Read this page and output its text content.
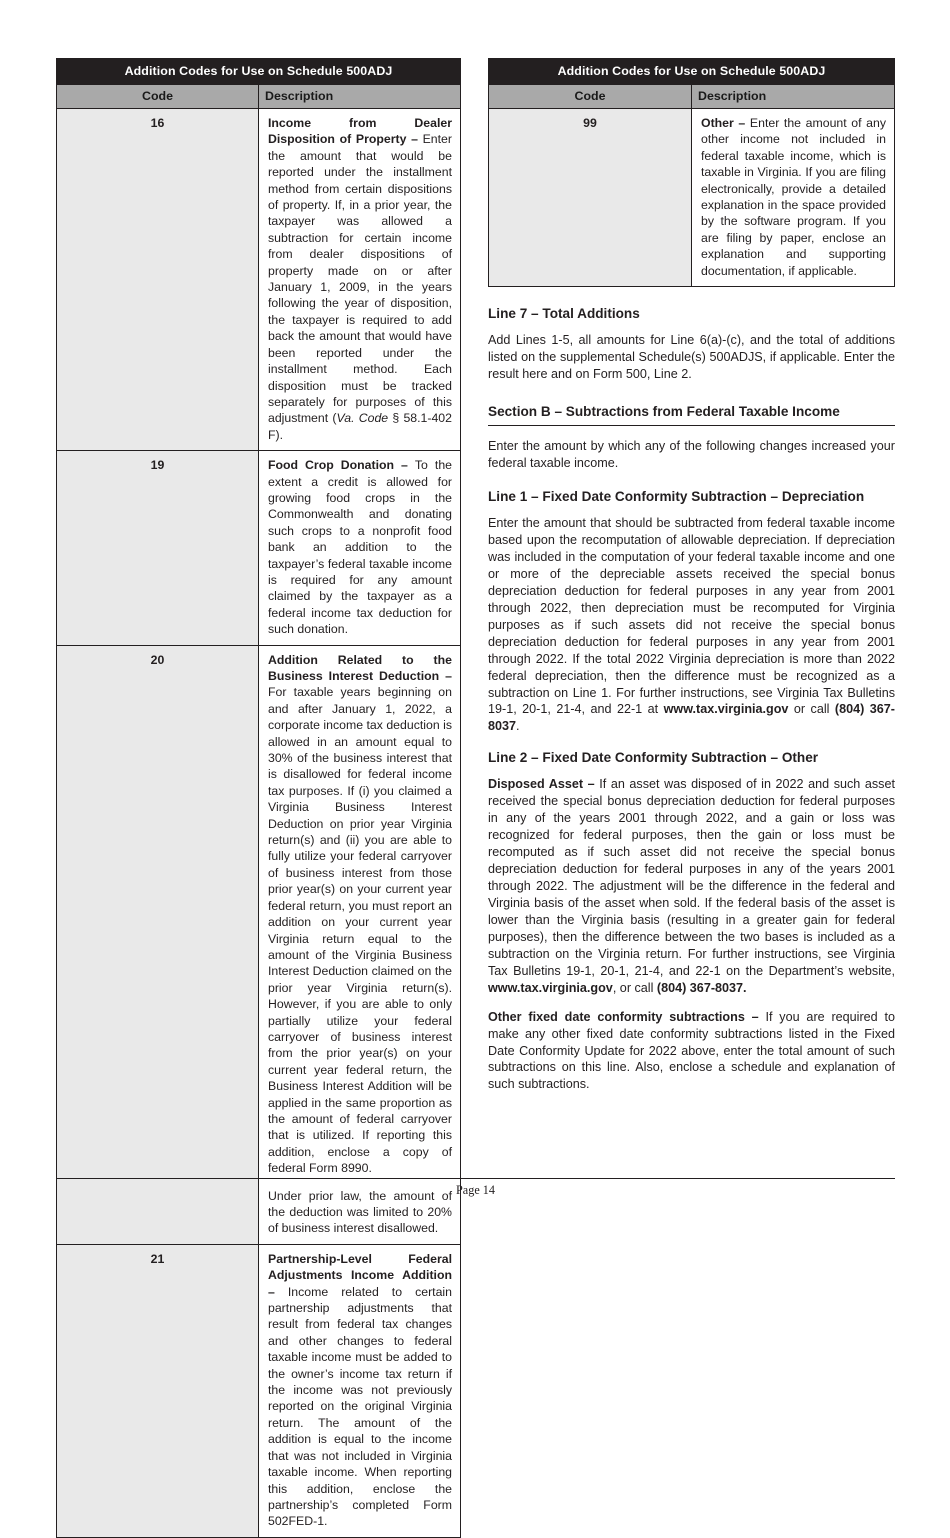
Addition Codes for Use on Schedule 500ADJ	
Code	Description
16	Income from Dealer Disposition of Property – Enter the amount that would be reported under the installment method from certain dispositions of property. If, in a prior year, the taxpayer was allowed a subtraction for certain income from dealer dispositions of property made on or after January 1, 2009, in the years following the year of disposition, the taxpayer is required to add back the amount that would have been reported under the installment method. Each disposition must be tracked separately for purposes of this adjustment (Va. Code § 58.1-402 F).

19	Food Crop Donation – To the extent a credit is allowed for growing food crops in the Commonwealth and donating such crops to a nonprofit food bank an addition to the taxpayer’s federal taxable income is required for any amount claimed by the taxpayer as a federal income tax deduction for such donation.

20	Addition Related to the Business Interest Deduction – For taxable years beginning on and after January 1, 2022, a corporate income tax deduction is allowed in an amount equal to 30% of the business interest that is disallowed for federal income tax purposes. If (i) you claimed a Virginia Business Interest Deduction on prior year Virginia return(s) and (ii) you are able to fully utilize your federal carryover of business interest from those prior year(s) on your current year federal return, you must report an addition on your current year Virginia return equal to the amount of the Virginia Business Interest Deduction claimed on the prior year Virginia return(s). However, if you are able to only partially utilize your federal carryover of business interest from the prior year(s) on your current year federal return, the Business Interest Addition will be applied in the same proportion as the amount of federal carryover that is utilized. If reporting this addition, enclose a copy of federal Form 8990.

Under prior law, the amount of the deduction was limited to 20% of business interest disallowed.

21	Partnership-Level Federal Adjustments Income Addition – Income related to certain partnership adjustments that result from federal tax changes and other changes to federal taxable income must be added to the owner’s income tax return if the income was not previously reported on the original Virginia return. The amount of the addition is equal to the income that was not included in Virginia taxable income. When reporting this addition, enclose the partnership’s completed Form 502FED-1.

Addition Codes for Use on Schedule 500ADJ	
Code	Description
99	Other – Enter the amount of any other income not included in federal taxable income, which is taxable in Virginia. If you are filing electronically, provide a detailed explanation in the space provided by the software program. If you are filing by paper, enclose an explanation and supporting documentation, if applicable.

Line 7 – Total Additions

Add Lines 1-5, all amounts for Line 6(a)-(c), and the total of additions listed on the supplemental Schedule(s) 500ADJS, if applicable. Enter the result here and on Form 500, Line 2.

Section B – Subtractions from Federal Taxable Income

Enter the amount by which any of the following changes increased your federal taxable income.

Line 1 – Fixed Date Conformity Subtraction – Depreciation

Enter the amount that should be subtracted from federal taxable income based upon the recomputation of allowable depreciation. If depreciation was included in the computation of your federal taxable income and one or more of the depreciable assets received the special bonus depreciation deduction for federal purposes in any year from 2001 through 2022, then depreciation must be recomputed for Virginia purposes as if such assets did not receive the special bonus depreciation deduction for federal purposes in any year from 2001 through 2022. If the total 2022 Virginia depreciation is more than 2022 federal depreciation, then the difference must be recognized as a subtraction on Line 1. For further instructions, see Virginia Tax Bulletins 19-1, 20-1, 21-4, and 22-1 at www.tax.virginia.gov or call (804) 367-8037.

Line 2 – Fixed Date Conformity Subtraction – Other

Disposed Asset – If an asset was disposed of in 2022 and such asset received the special bonus depreciation deduction for federal purposes in any of the years 2001 through 2022, and a gain or loss was recognized for federal purposes, then the gain or loss must be recomputed as if such asset did not receive the special bonus depreciation deduction for federal purposes in any of the years 2001 through 2022. The adjustment will be the difference in the federal and Virginia basis of the asset when sold. If the federal basis of the asset is lower than the Virginia basis (resulting in a greater gain for federal purposes), then the difference between the two bases is included as a subtraction on the Virginia return. For further instructions, see Virginia Tax Bulletins 19-1, 20-1, 21-4, and 22-1 on the Department’s website, www.tax.virginia.gov, or call (804) 367-8037.

Other fixed date conformity subtractions – If you are required to make any other fixed date conformity subtractions listed in the Fixed Date Conformity Update for 2022 above, enter the total amount of such subtractions on this line. Also, enclose a schedule and explanation of such subtractions.

Page 14
